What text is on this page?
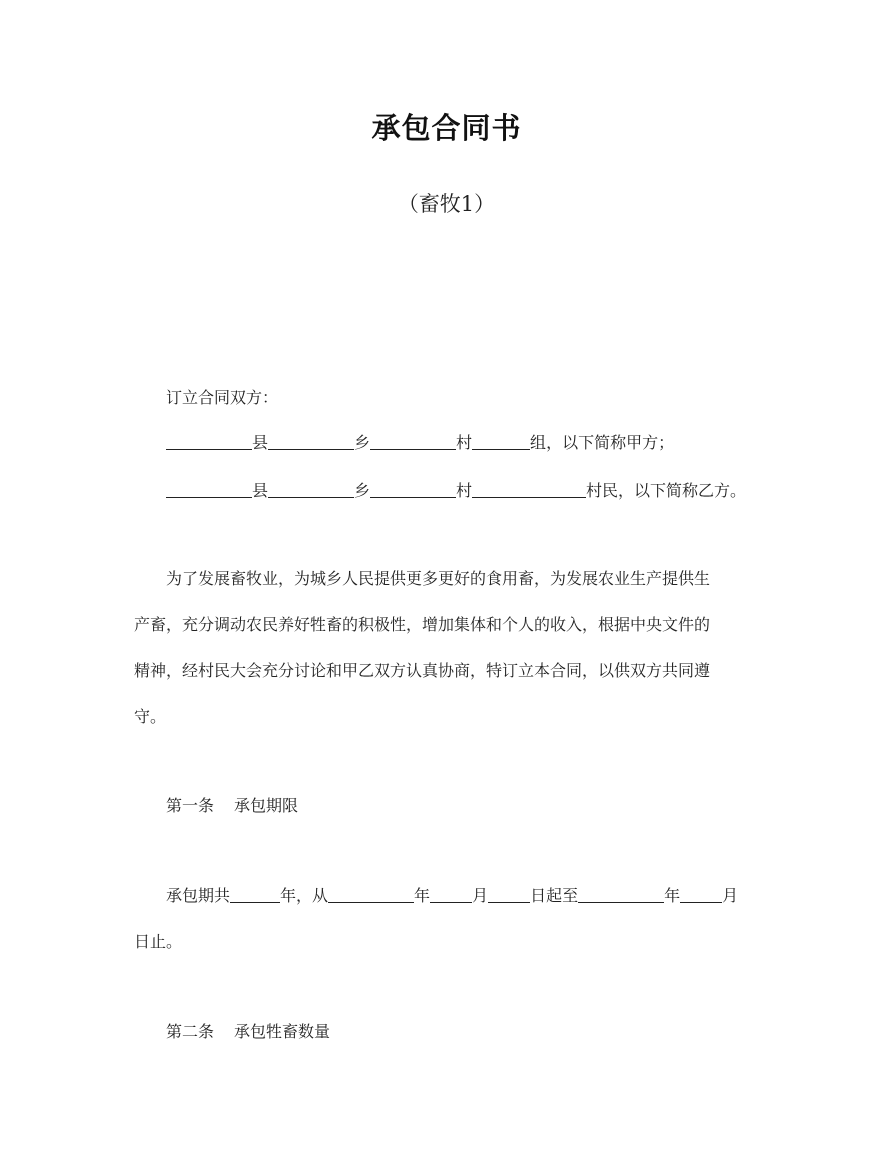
承包合同书
（畜牧1）
订立合同双方：
县	乡	村	组，以下简称甲方；
县	乡	村	村民，以下简称乙方。
为了发展畜牧业，为城乡人民提供更多更好的食用畜，为发展农业生产提供生
产畜，充分调动农民养好牲畜的积极性，增加集体和个人的收入，根据中央文件的
精神，经村民大会充分讨论和甲乙双方认真协商，特订立本合同，以供双方共同遵
守。
第一条 承包期限
承包期共	年，从	年	月	日起至	年	月
日止。
第二条 承包牲畜数量
